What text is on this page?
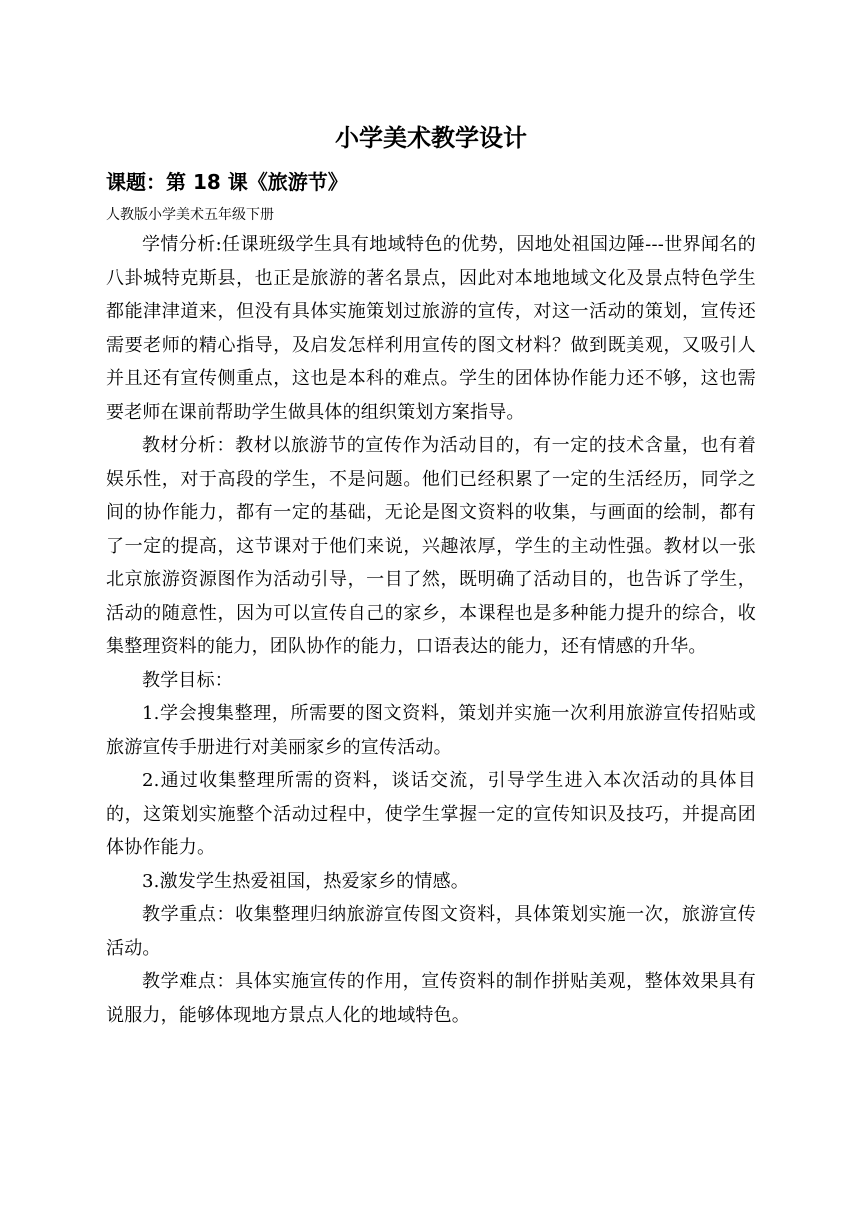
小学美术教学设计
课题：第 18 课《旅游节》
人教版小学美术五年级下册

学情分析:任课班级学生具有地域特色的优势，因地处祖国边陲---世界闻名的八卦城特克斯县，也正是旅游的著名景点，因此对本地地域文化及景点特色学生都能津津道来，但没有具体实施策划过旅游的宣传，对这一活动的策划，宣传还需要老师的精心指导，及启发怎样利用宣传的图文材料？做到既美观，又吸引人并且还有宣传侧重点，这也是本科的难点。学生的团体协作能力还不够，这也需要老师在课前帮助学生做具体的组织策划方案指导。

教材分析：教材以旅游节的宣传作为活动目的，有一定的技术含量，也有着娱乐性，对于高段的学生，不是问题。他们已经积累了一定的生活经历，同学之间的协作能力，都有一定的基础，无论是图文资料的收集，与画面的绘制，都有了一定的提高，这节课对于他们来说，兴趣浓厚，学生的主动性强。教材以一张北京旅游资源图作为活动引导，一目了然，既明确了活动目的，也告诉了学生，活动的随意性，因为可以宣传自己的家乡，本课程也是多种能力提升的综合，收集整理资料的能力，团队协作的能力，口语表达的能力，还有情感的升华。

教学目标：

1.学会搜集整理，所需要的图文资料，策划并实施一次利用旅游宣传招贴或旅游宣传手册进行对美丽家乡的宣传活动。

2.通过收集整理所需的资料，谈话交流，引导学生进入本次活动的具体目的，这策划实施整个活动过程中，使学生掌握一定的宣传知识及技巧，并提高团体协作能力。

3.激发学生热爱祖国，热爱家乡的情感。

教学重点：收集整理归纳旅游宣传图文资料，具体策划实施一次，旅游宣传活动。

教学难点：具体实施宣传的作用，宣传资料的制作拼贴美观，整体效果具有说服力，能够体现地方景点人化的地域特色。
